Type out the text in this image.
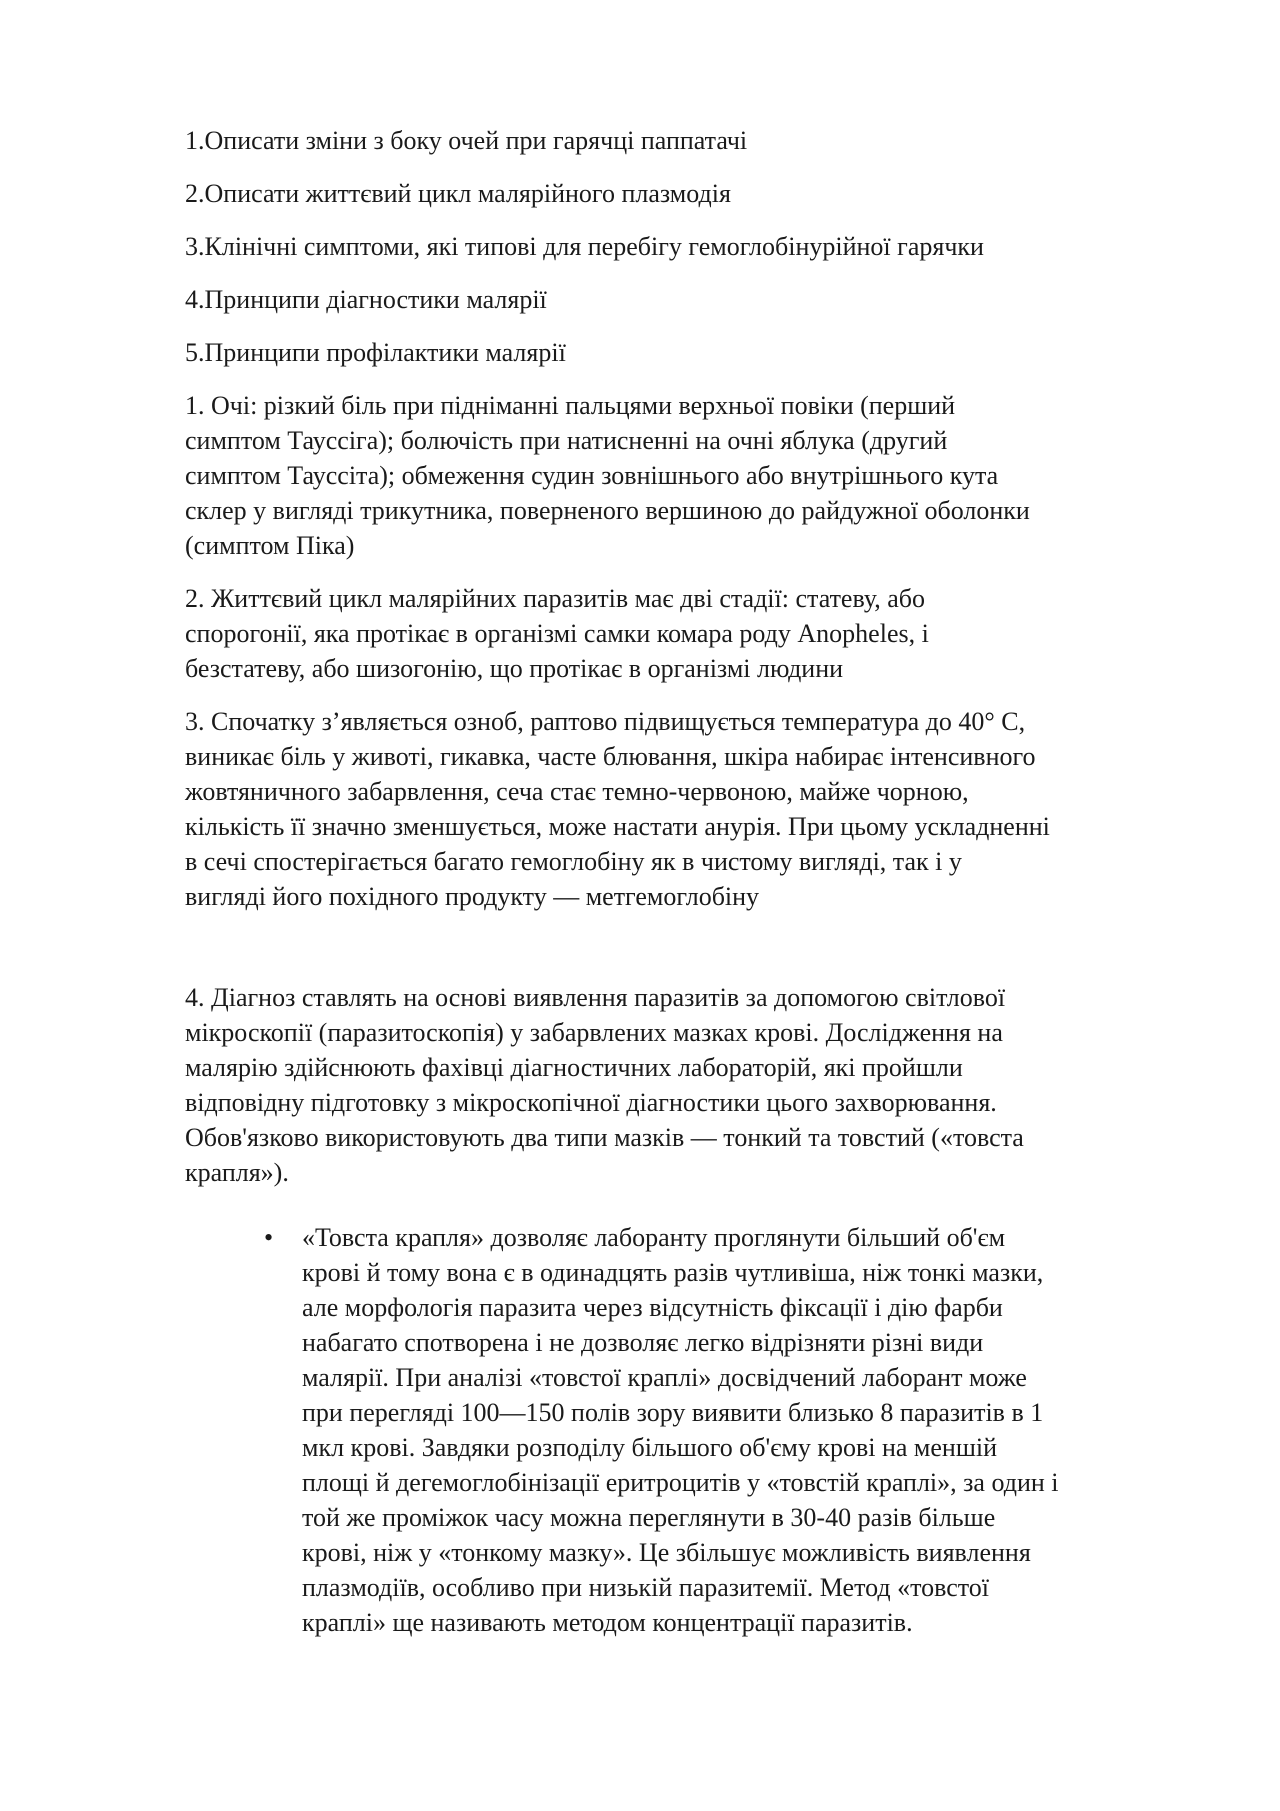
1.Описати зміни з боку очей при гарячці паппатачі

2.Описати життєвий цикл малярійного плазмодія

3.Клінічні симптоми, які типові для перебігу гемоглобінурійної гарячки

4.Принципи діагностики малярії

5.Принципи профілактики малярії

1. Очі: різкий біль при підніманні пальцями верхньої повіки (перший
симптом Таусcіга); болючість при натисненні на очні яблука (другий
симптом Тауссіта); обмеження судин зовнішнього або внутрішнього кута
склер у вигляді трикутника, повернeного вершиною до райдужної оболонки
(симптом Піка)

2. Життєвий цикл малярійних паразитів має дві стадії: статеву, або
спорогонії, яка протікає в організмі самки комара роду Anopheles, і
безстатеву, або шизогонію, що протікає в організмі людини

3. Спочатку з’являється озноб, раптово підвищується температура до 40° С,
виникає біль у животі, гикавка, часте блювання, шкіра набирає інтенсивного
жовтяничного забарвлення, сеча стає темно-червоною, майже чорною,
кількість її значно зменшується, може настати анурія. При цьому ускладненні
в сечі спостерігається багато гемоглобіну як в чистому вигляді, так і у
вигляді його похідного продукту — метгемоглобіну

4. Діагноз ставлять на основі виявлення паразитів за допомогою світлової
мікроскопії (паразитоскопія) у забарвлених мазках крові. Дослідження на
малярію здійснюють фахівці діагностичних лабораторій, які пройшли
відповідну підготовку з мікроскопічної діагностики цього захворювання.
Обов'язково використовують два типи мазків — тонкий та товстий («товста
крапля»).

• «Товста крапля» дозволяє лаборанту проглянути більший об'єм
крові й тому вона є в одинадцять разів чутливіша, ніж тонкі мазки,
але морфологія паразита через відсутність фіксації і дію фарби
набагато спотворена і не дозволяє легко відрізняти різні види
малярії. При аналізі «товстої краплі» досвідчений лаборант може
при перегляді 100—150 полів зору виявити близько 8 паразитів в 1
мкл крові. Завдяки розподілу більшого об'єму крові на меншій
площі й дегемоглобінізації еритроцитів у «товстій краплі», за один і
той же проміжок часу можна переглянути в 30-40 разів більше
крові, ніж у «тонкому мазку». Це збільшує можливість виявлення
плазмодіїв, особливо при низькій паразитемії. Метод «товстої
краплі» ще називають методом концентрації паразитів.
